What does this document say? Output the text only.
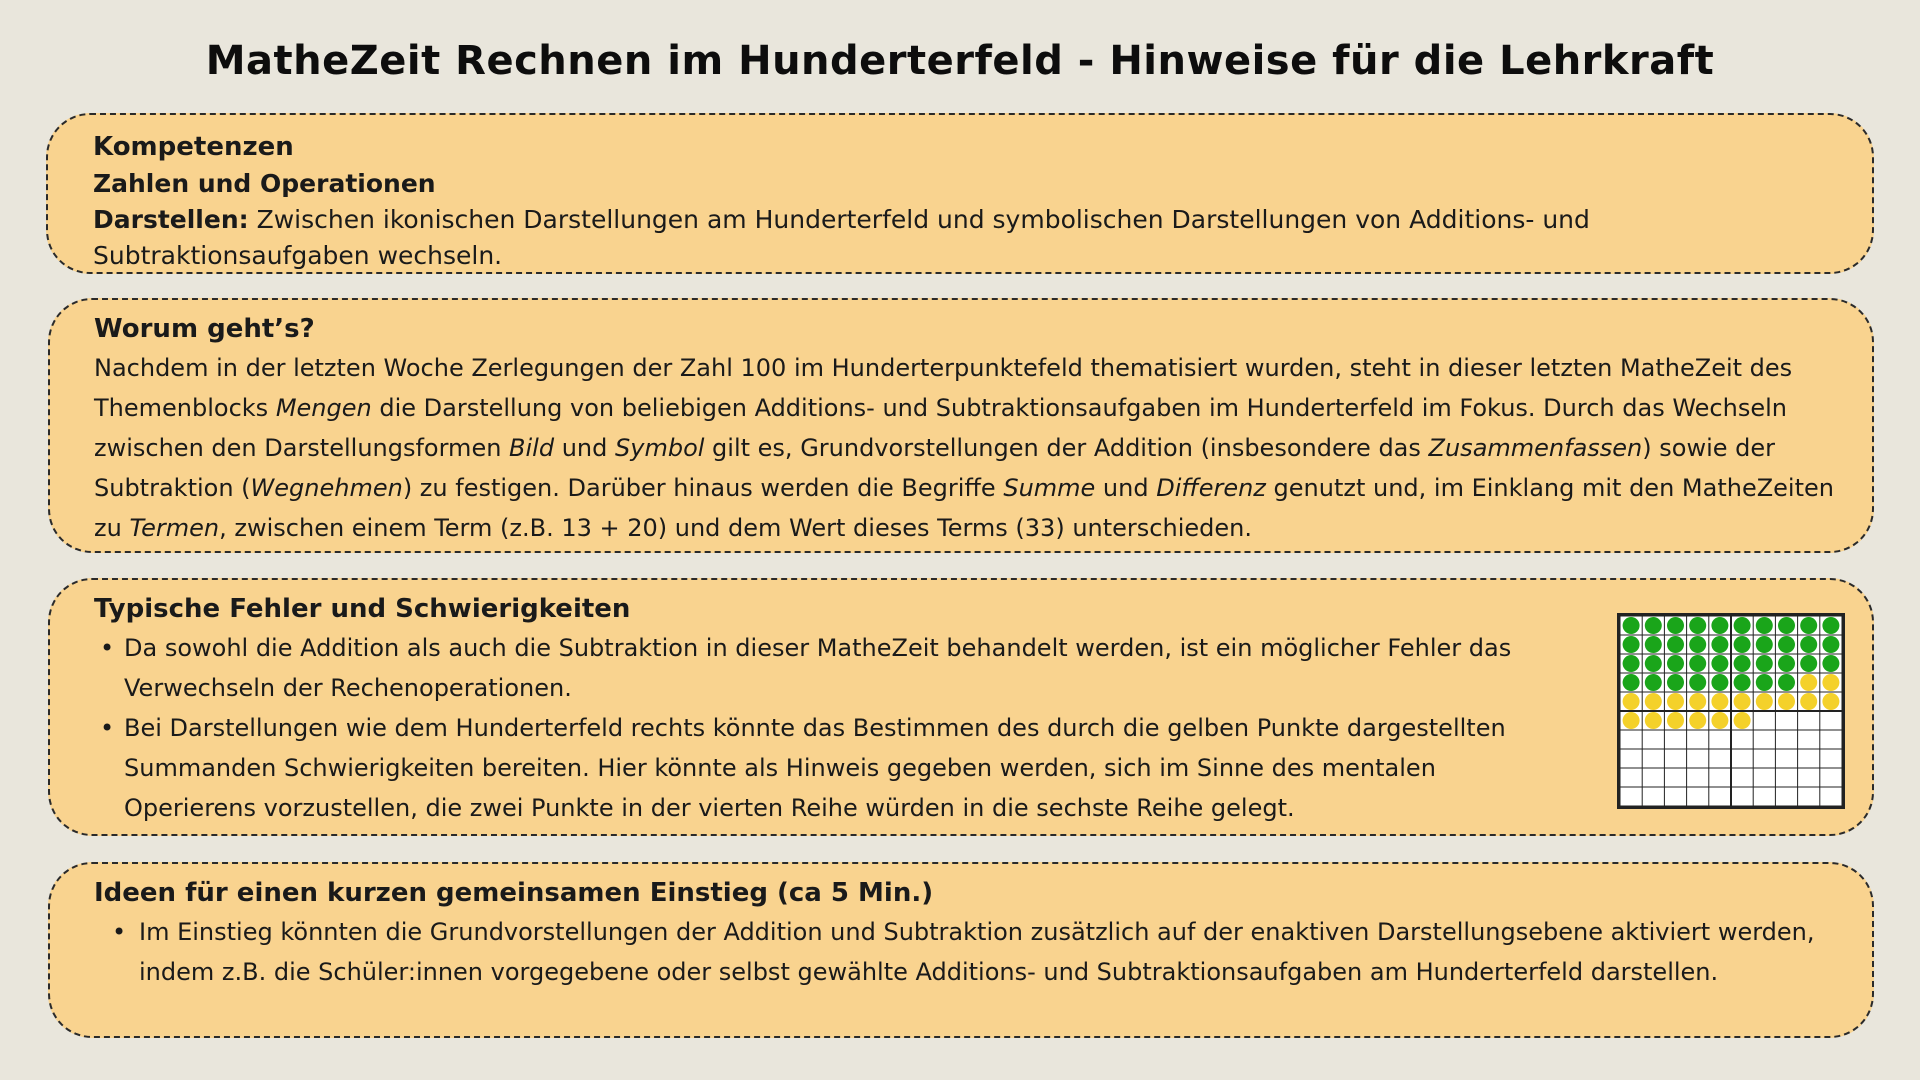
MatheZeit Rechnen im Hunderterfeld - Hinweise für die Lehrkraft
Kompetenzen
Zahlen und Operationen
Darstellen: Zwischen ikonischen Darstellungen am Hunderterfeld und symbolischen Darstellungen von Additions- und Subtraktionsaufgaben wechseln.
Worum geht’s?

Nachdem in der letzten Woche Zerlegungen der Zahl 100 im Hunderterpunktefeld thematisiert wurden, steht in dieser letzten MatheZeit des Themenblocks Mengen die Darstellung von beliebigen Additions- und Subtraktionsaufgaben im Hunderterfeld im Fokus. Durch das Wechseln zwischen den Darstellungsformen Bild und Symbol gilt es, Grundvorstellungen der Addition (insbesondere das Zusammenfassen) sowie der Subtraktion (Wegnehmen) zu festigen. Darüber hinaus werden die Begriffe Summe und Differenz genutzt und, im Einklang mit den MatheZeiten zu Termen, zwischen einem Term (z.B. 13 + 20) und dem Wert dieses Terms (33) unterschieden.

Typische Fehler und Schwierigkeiten
• Da sowohl die Addition als auch die Subtraktion in dieser MatheZeit behandelt werden, ist ein möglicher Fehler das Verwechseln der Rechenoperationen.
• Bei Darstellungen wie dem Hunderterfeld rechts könnte das Bestimmen des durch die gelben Punkte dargestellten Summanden Schwierigkeiten bereiten. Hier könnte als Hinweis gegeben werden, sich im Sinne des mentalen Operierens vorzustellen, die zwei Punkte in der vierten Reihe würden in die sechste Reihe gelegt.
Ideen für einen kurzen gemeinsamen Einstieg (ca 5 Min.)
• Im Einstieg könnten die Grundvorstellungen der Addition und Subtraktion zusätzlich auf der enaktiven Darstellungsebene aktiviert werden, indem z.B. die Schüler:innen vorgegebene oder selbst gewählte Additions- und Subtraktionsaufgaben am Hunderterfeld darstellen.
